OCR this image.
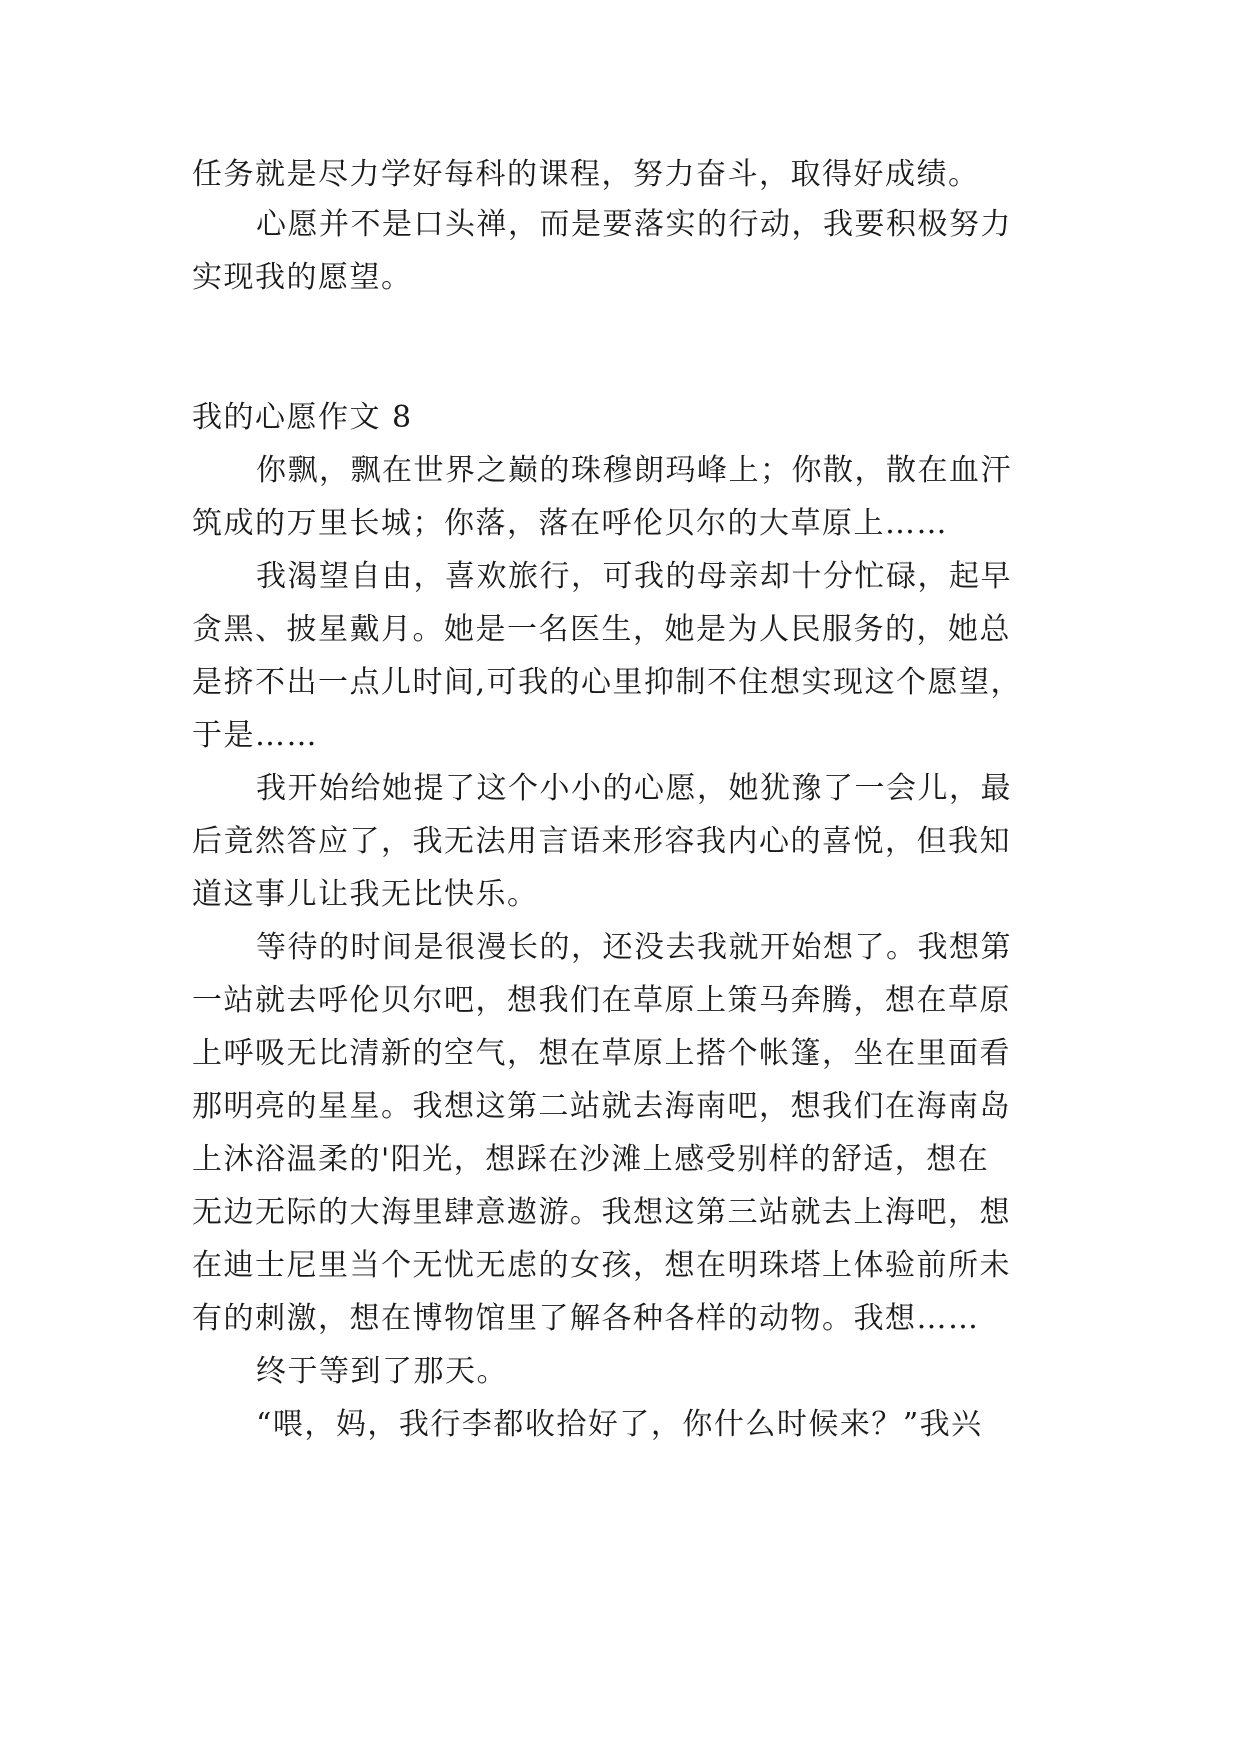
任务就是尽力学好每科的课程，努力奋斗，取得好成绩。
心愿并不是口头禅，而是要落实的行动，我要积极努力
实现我的愿望。
我的心愿作文 8
你飘，飘在世界之巅的珠穆朗玛峰上；你散，散在血汗
筑成的万里长城；你落，落在呼伦贝尔的大草原上……
我渴望自由，喜欢旅行，可我的母亲却十分忙碌，起早
贪黑、披星戴月。她是一名医生，她是为人民服务的，她总
是挤不出一点儿时间,可我的心里抑制不住想实现这个愿望，
于是……
我开始给她提了这个小小的心愿，她犹豫了一会儿，最
后竟然答应了，我无法用言语来形容我内心的喜悦，但我知
道这事儿让我无比快乐。
等待的时间是很漫长的，还没去我就开始想了。我想第
一站就去呼伦贝尔吧，想我们在草原上策马奔腾，想在草原
上呼吸无比清新的空气，想在草原上搭个帐篷，坐在里面看
那明亮的星星。我想这第二站就去海南吧，想我们在海南岛
上沐浴温柔的'阳光，想踩在沙滩上感受别样的舒适，想在
无边无际的大海里肆意遨游。我想这第三站就去上海吧，想
在迪士尼里当个无忧无虑的女孩，想在明珠塔上体验前所未
有的刺激，想在博物馆里了解各种各样的动物。我想……
终于等到了那天。
“喂，妈，我行李都收拾好了，你什么时候来？”我兴
